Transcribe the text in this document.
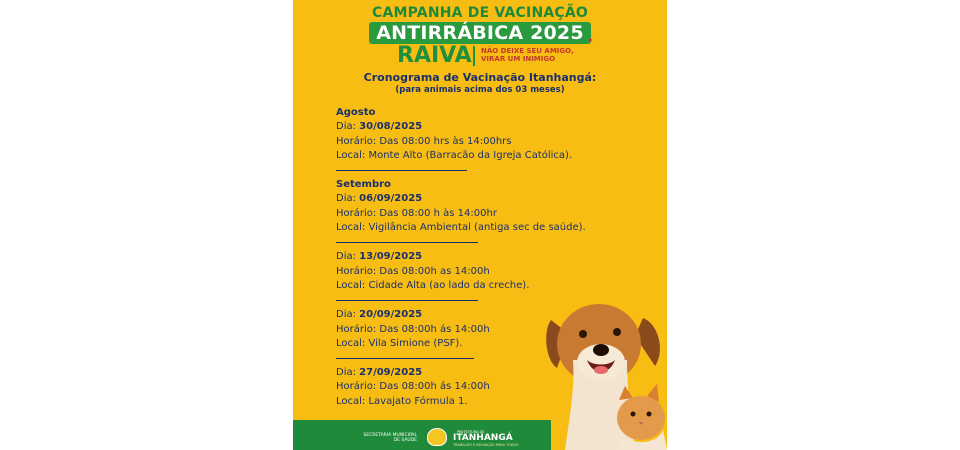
CAMPANHA DE VACINAÇÃO
ANTIRRÁBICA 2025
RAIVA NÃO DEIXE SEU AMIGO,
VIRAR UM INIMIGO
✦
Cronograma de Vacinação Itanhangá:
(para animais acima dos 03 meses)
Agosto
Dia: 30/08/2025
Horário: Das 08:00 hrs às 14:00hrs
Local: Monte Alto (Barracão da Igreja Católica).
Setembro
Dia: 06/09/2025
Horário: Das 08:00 h às 14:00hr
Local: Vigilância Ambiental (antiga sec de saúde).
Dia: 13/09/2025
Horário: Das 08:00h as 14:00h
Local: Cidade Alta (ao lado da creche).
Dia: 20/09/2025
Horário: Das 08:00h ás 14:00h
Local: Vila Simione (PSF).
Dia: 27/09/2025
Horário: Das 08:00h ás 14:00h
Local: Lavajato Fórmula 1.
SECRETARIA MUNICIPAL DE SAÚDE
PREFEITURA DE
ITANHANGÁ
TRABALHO E INOVAÇÃO PARA TODOS
